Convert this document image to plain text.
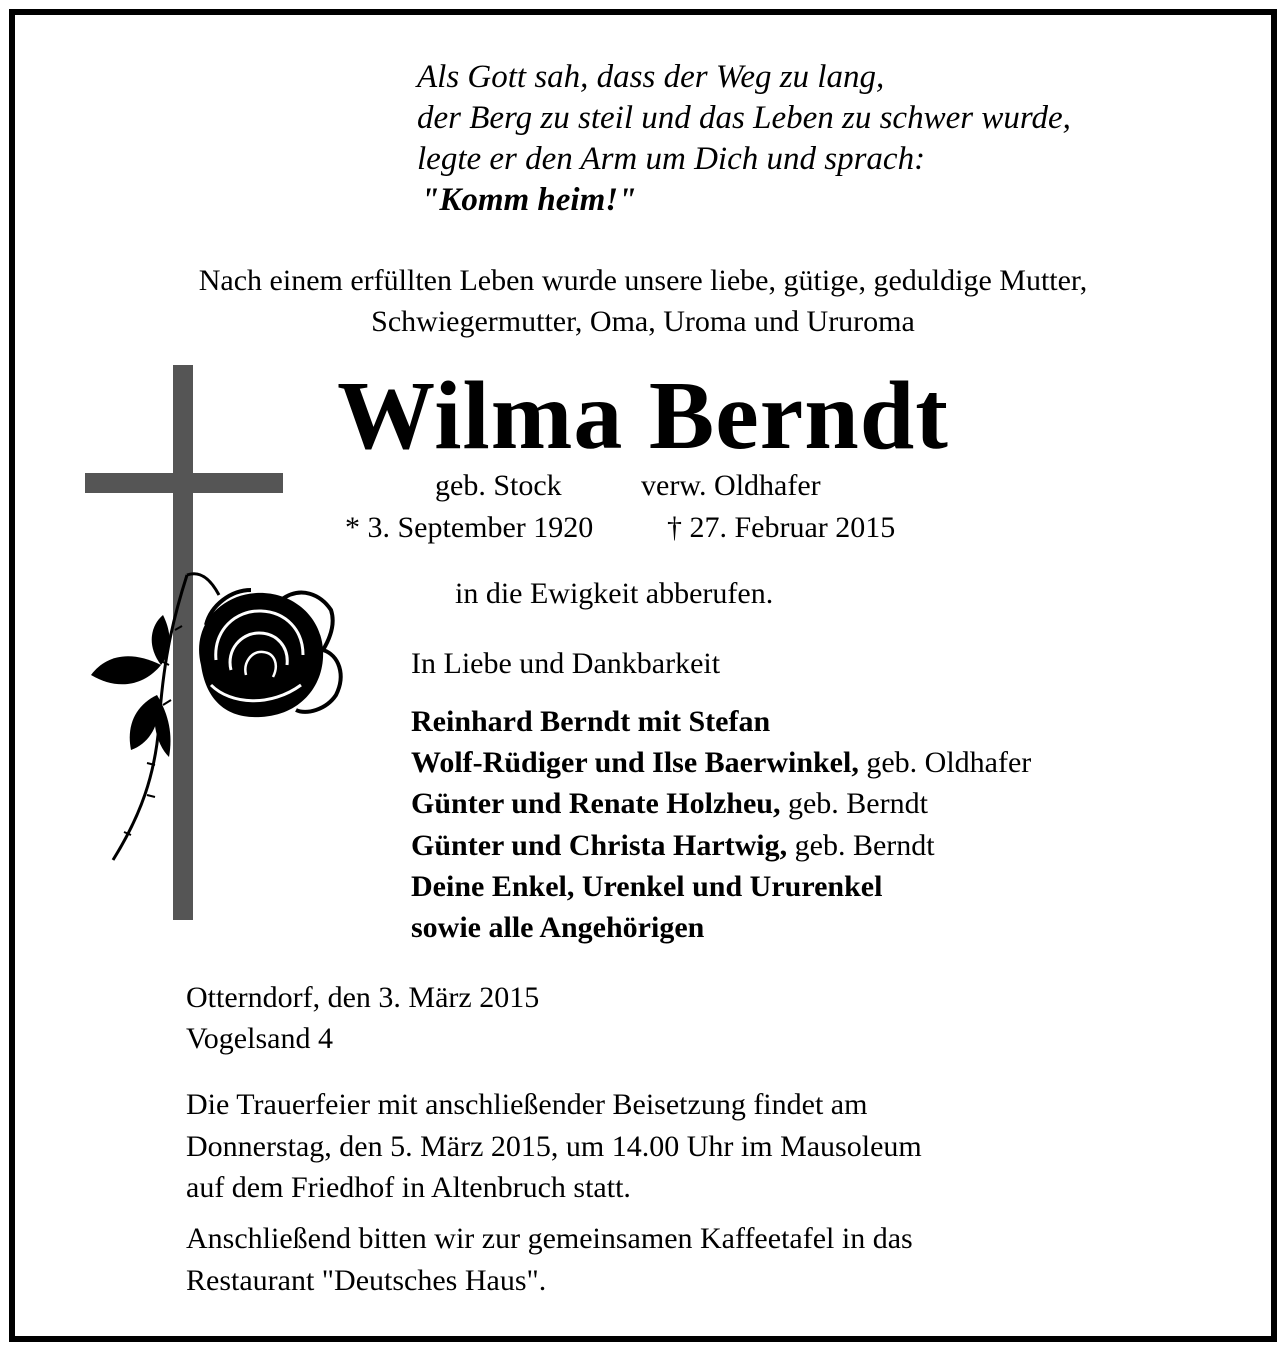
Als Gott sah, dass der Weg zu lang,
der Berg zu steil und das Leben zu schwer wurde,
legte er den Arm um Dich und sprach:
"Komm heim!"
Nach einem erfüllten Leben wurde unsere liebe, gütige, geduldige Mutter,
Schwiegermutter, Oma, Uroma und Ururoma
Wilma Berndt
geb. Stock	verw. Oldhafer
* 3. September 1920 † 27. Februar 2015
in die Ewigkeit abberufen.
In Liebe und Dankbarkeit
Reinhard Berndt mit Stefan
Wolf-Rüdiger und Ilse Baerwinkel, geb. Oldhafer
Günter und Renate Holzheu, geb. Berndt
Günter und Christa Hartwig, geb. Berndt
Deine Enkel, Urenkel und Ururenkel
sowie alle Angehörigen
Otterndorf, den 3. März 2015
Vogelsand 4
Die Trauerfeier mit anschließender Beisetzung findet am
Donnerstag, den 5. März 2015, um 14.00 Uhr im Mausoleum
auf dem Friedhof in Altenbruch statt.
Anschließend bitten wir zur gemeinsamen Kaffeetafel in das
Restaurant "Deutsches Haus".
